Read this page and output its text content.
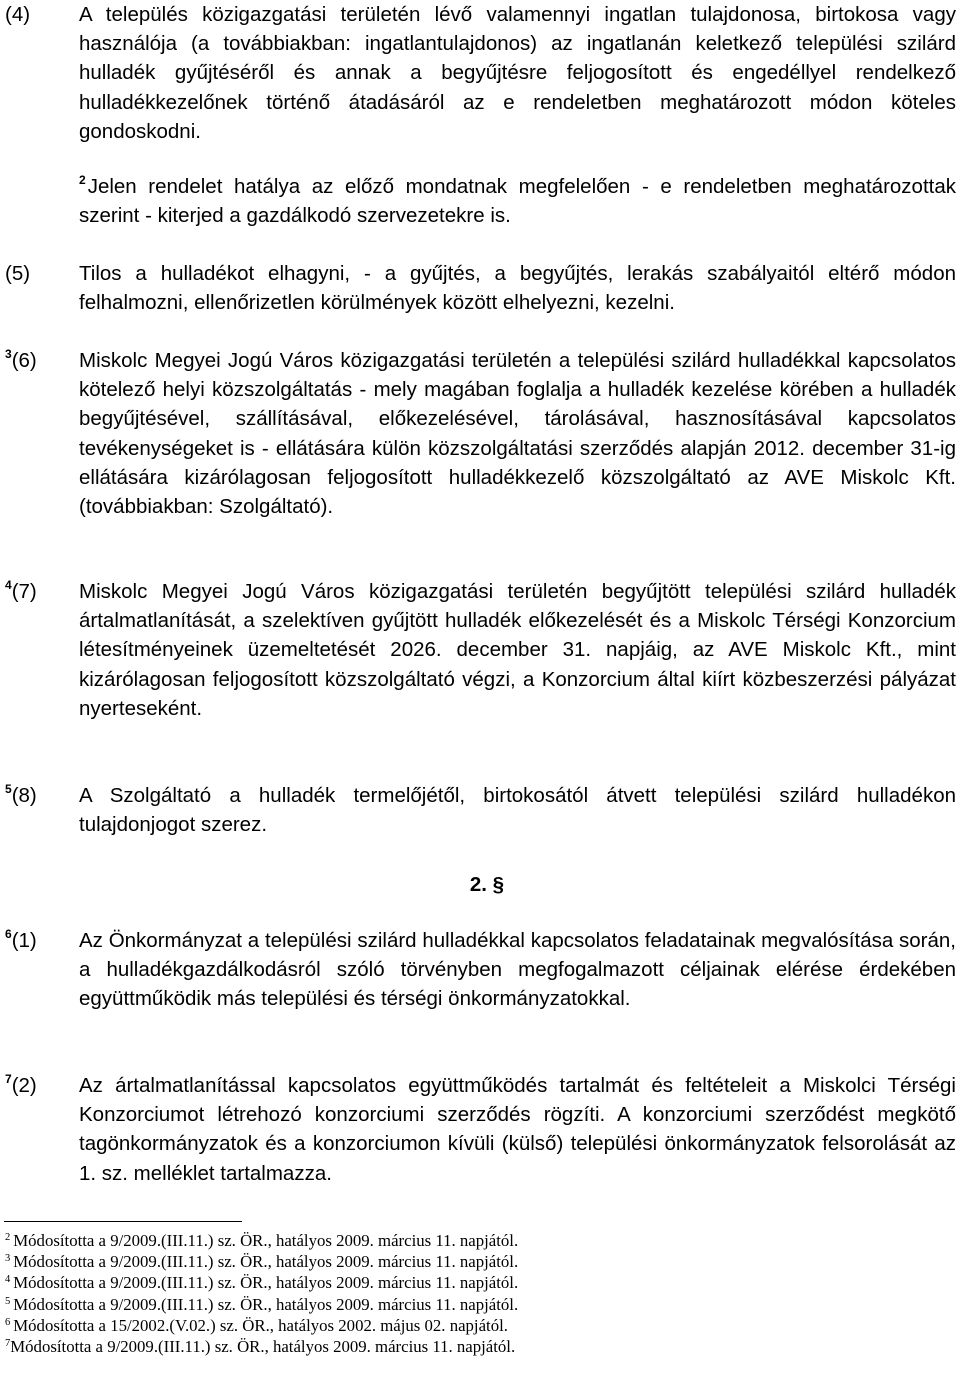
(4) A település közigazgatási területén lévő valamennyi ingatlan tulajdonosa, birtokosa vagy használója (a továbbiakban: ingatlantulajdonos) az ingatlanán keletkező települési szilárd hulladék gyűjtéséről és annak a begyűjtésre feljogosított és engedéllyel rendelkező hulladékkezelőnek történő átadásáról az e rendeletben meghatározott módon köteles gondoskodni.
$^2$Jelen rendelet hatálya az előző mondatnak megfelelően - e rendeletben meghatározottak szerint - kiterjed a gazdálkodó szervezetekre is.
(5) Tilos a hulladékot elhagyni, - a gyűjtés, a begyűjtés, lerakás szabályaitól eltérő módon felhalmozni, ellenőrizetlen körülmények között elhelyezni, kezelni.
$^3$(6) Miskolc Megyei Jogú Város közigazgatási területén a települési szilárd hulladékkal kapcsolatos kötelező helyi közszolgáltatás - mely magában foglalja a hulladék kezelése körében a hulladék begyűjtésével, szállításával, előkezelésével, tárolásával, hasznosításával kapcsolatos tevékenységeket is - ellátására külön közszolgáltatási szerződés alapján 2012. december 31-ig ellátására kizárólagosan feljogosított hulladékkezelő közszolgáltató az AVE Miskolc Kft. (továbbiakban: Szolgáltató).
$^4$(7) Miskolc Megyei Jogú Város közigazgatási területén begyűjtött települési szilárd hulladék ártalmatlanítását, a szelektíven gyűjtött hulladék előkezelését és a Miskolc Térségi Konzorcium létesítményeinek üzemeltetését 2026. december 31. napjáig, az AVE Miskolc Kft., mint kizárólagosan feljogosított közszolgáltató végzi, a Konzorcium által kiírt közbeszerzési pályázat nyerteseként.
$^5$(8) A Szolgáltató a hulladék termelőjétől, birtokosától átvett települési szilárd hulladékon tulajdonjogot szerez.
2. §
$^6$(1) Az Önkormányzat a települési szilárd hulladékkal kapcsolatos feladatainak megvalósítása során, a hulladékgazdálkodásról szóló törvényben megfogalmazott céljainak elérése érdekében együttműködik más települési és térségi önkormányzatokkal.
$^7$(2) Az ártalmatlanítással kapcsolatos együttműködés tartalmát és feltételeit a Miskolci Térségi Konzorciumot létrehozó konzorciumi szerződés rögzíti. A konzorciumi szerződést megkötő tagönkormányzatok és a konzorciumon kívüli (külső) települési önkormányzatok felsorolását az 1. sz. melléklet tartalmazza.
$^2$ Módosította a 9/2009.(III.11.) sz. ÖR., hatályos 2009. március 11. napjától.
$^3$ Módosította a 9/2009.(III.11.) sz. ÖR., hatályos 2009. március 11. napjától.
$^4$ Módosította a 9/2009.(III.11.) sz. ÖR., hatályos 2009. március 11. napjától.
$^5$ Módosította a 9/2009.(III.11.) sz. ÖR., hatályos 2009. március 11. napjától.
$^6$ Módosította a 15/2002.(V.02.) sz. ÖR., hatályos 2002. május 02. napjától.
$^7$Módosította a 9/2009.(III.11.) sz. ÖR., hatályos 2009. március 11. napjától.
